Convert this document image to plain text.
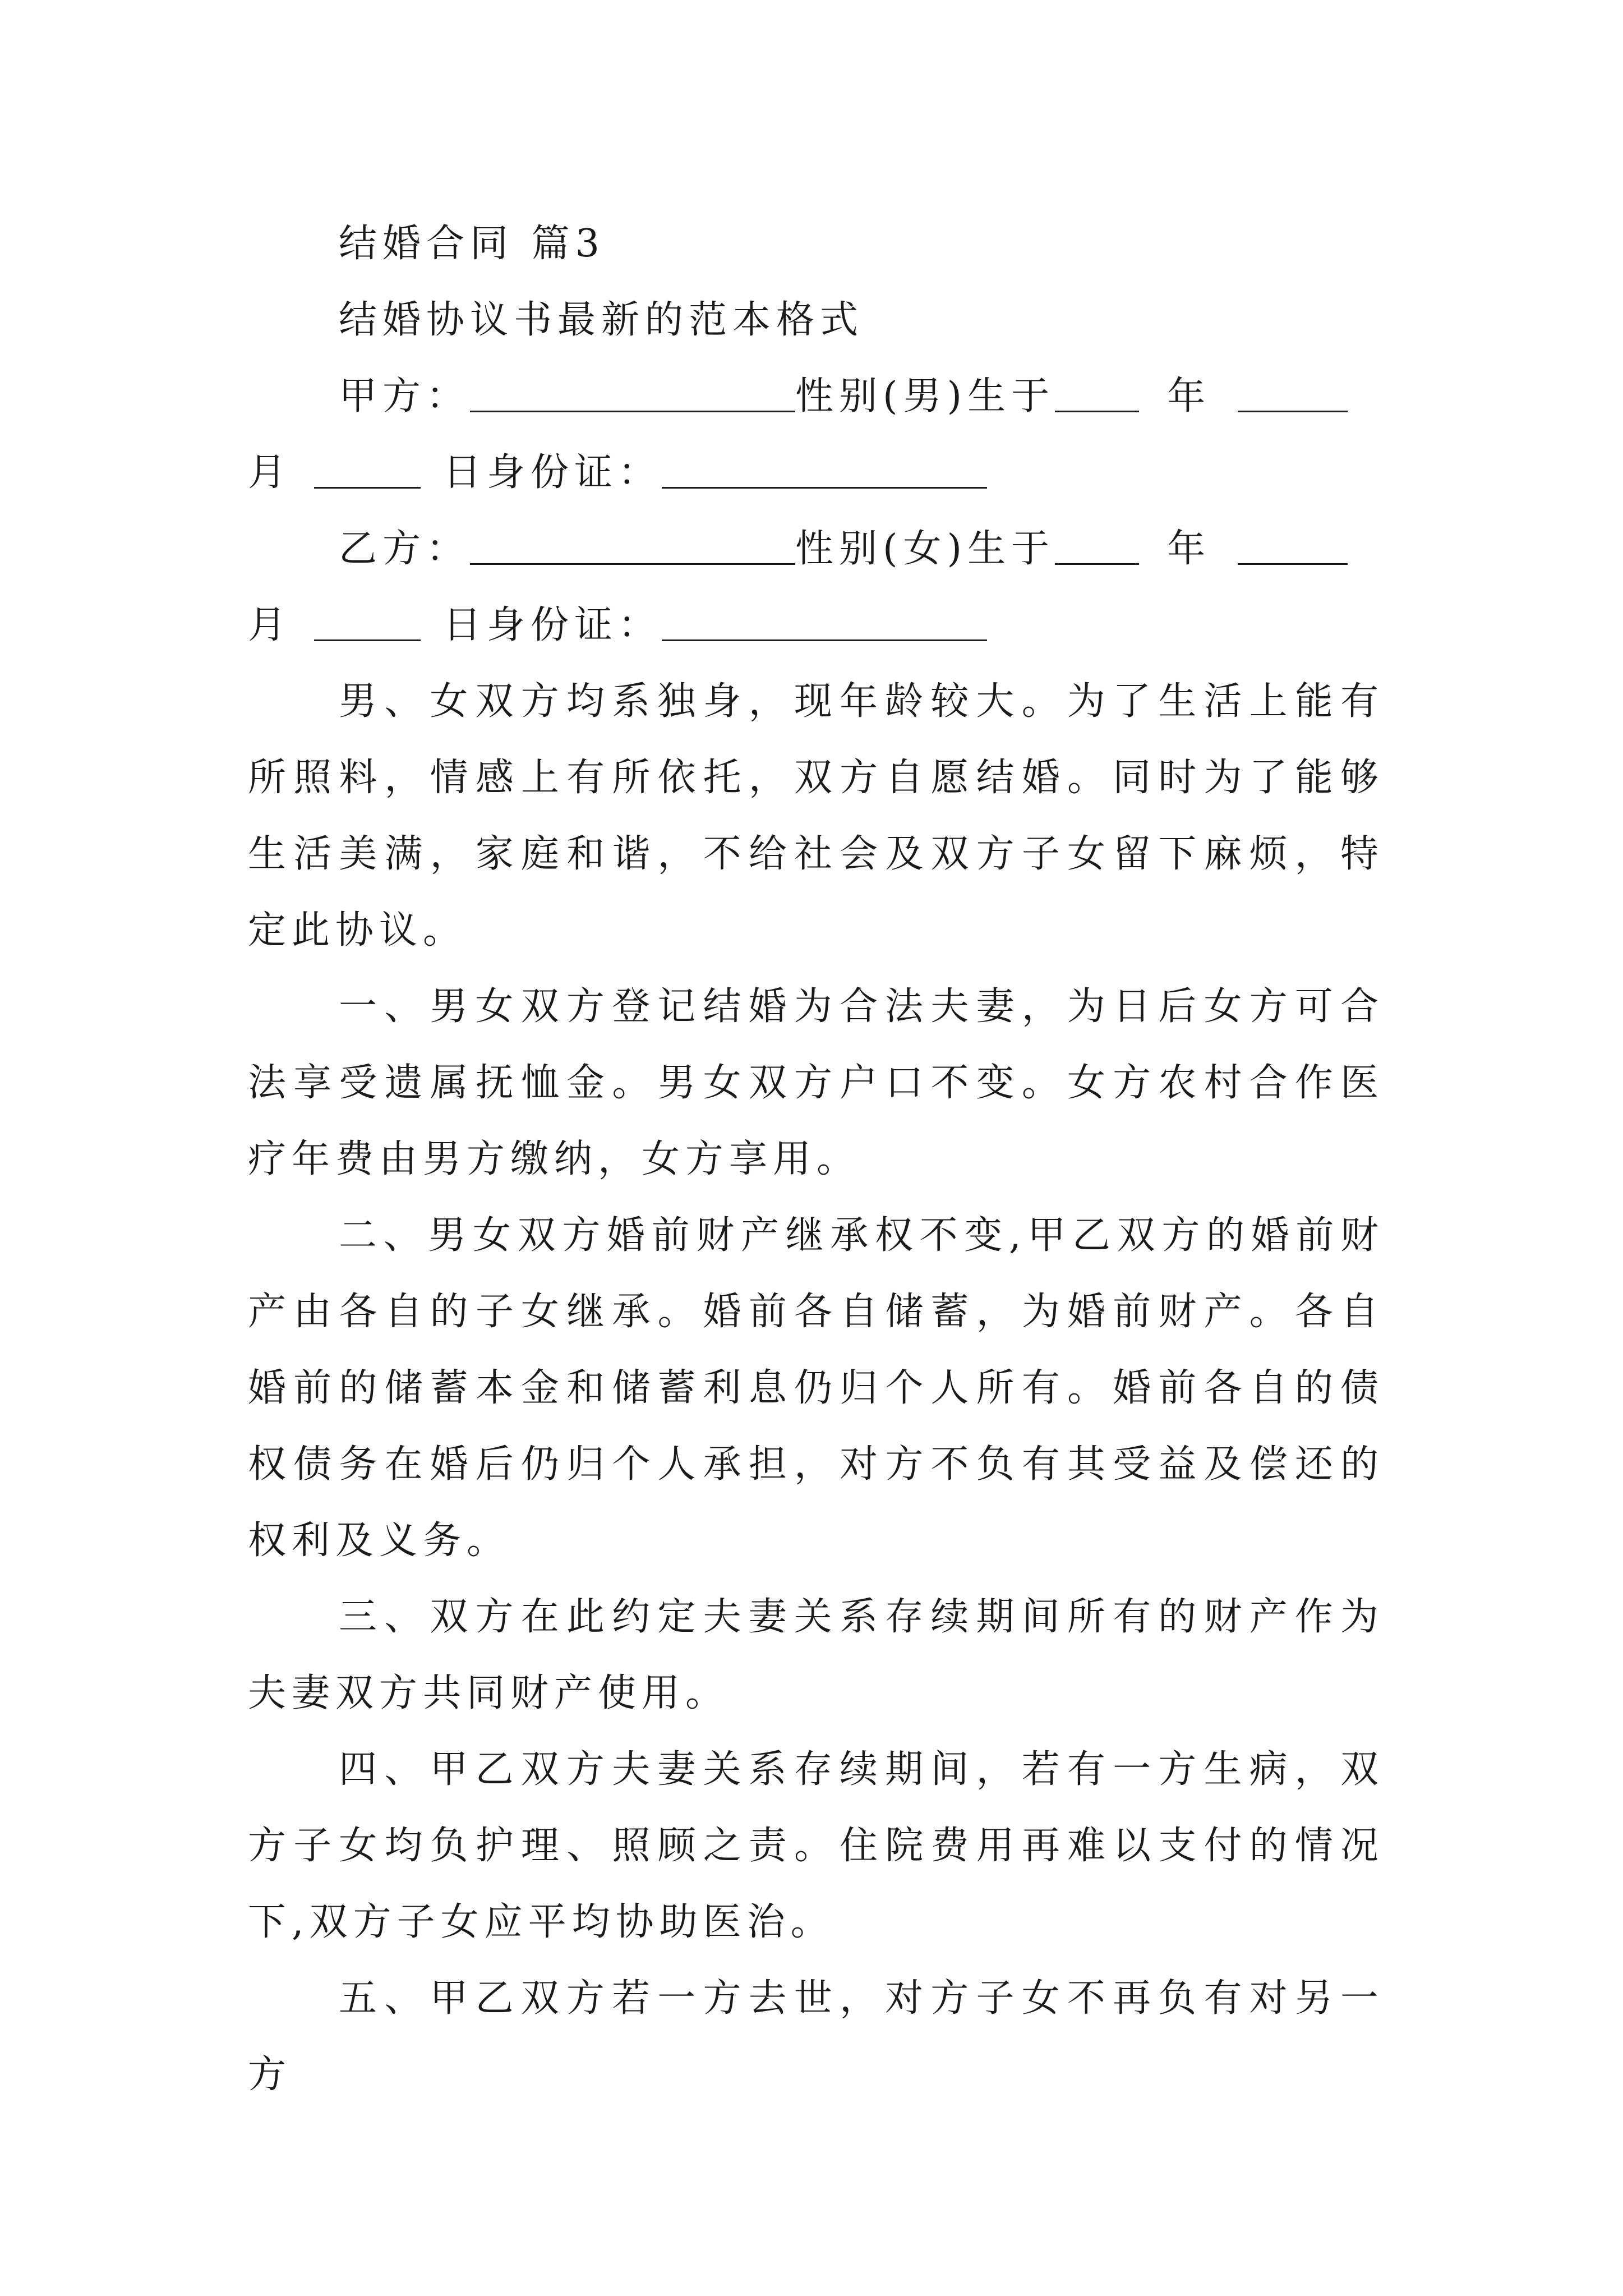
结婚合同 篇3
结婚协议书最新的范本格式
甲方：	性别(男)生于	年
月	日身份证：
乙方：	性别(女)生于	年
月	日身份证：

男、女双方均系独身，现年龄较大。为了生活上能有所照料，情感上有所依托，双方自愿结婚。同时为了能够生活美满，家庭和谐，不给社会及双方子女留下麻烦，特定此协议。

一、男女双方登记结婚为合法夫妻，为日后女方可合法享受遗属抚恤金。男女双方户口不变。女方农村合作医疗年费由男方缴纳，女方享用。

二、男女双方婚前财产继承权不变,甲乙双方的婚前财产由各自的子女继承。婚前各自储蓄，为婚前财产。各自婚前的储蓄本金和储蓄利息仍归个人所有。婚前各自的债权债务在婚后仍归个人承担，对方不负有其受益及偿还的权利及义务。

三、双方在此约定夫妻关系存续期间所有的财产作为夫妻双方共同财产使用。

四、甲乙双方夫妻关系存续期间，若有一方生病，双方子女均负护理、照顾之责。住院费用再难以支付的情况下,双方子女应平均协助医治。

五、甲乙双方若一方去世，对方子女不再负有对另一方
